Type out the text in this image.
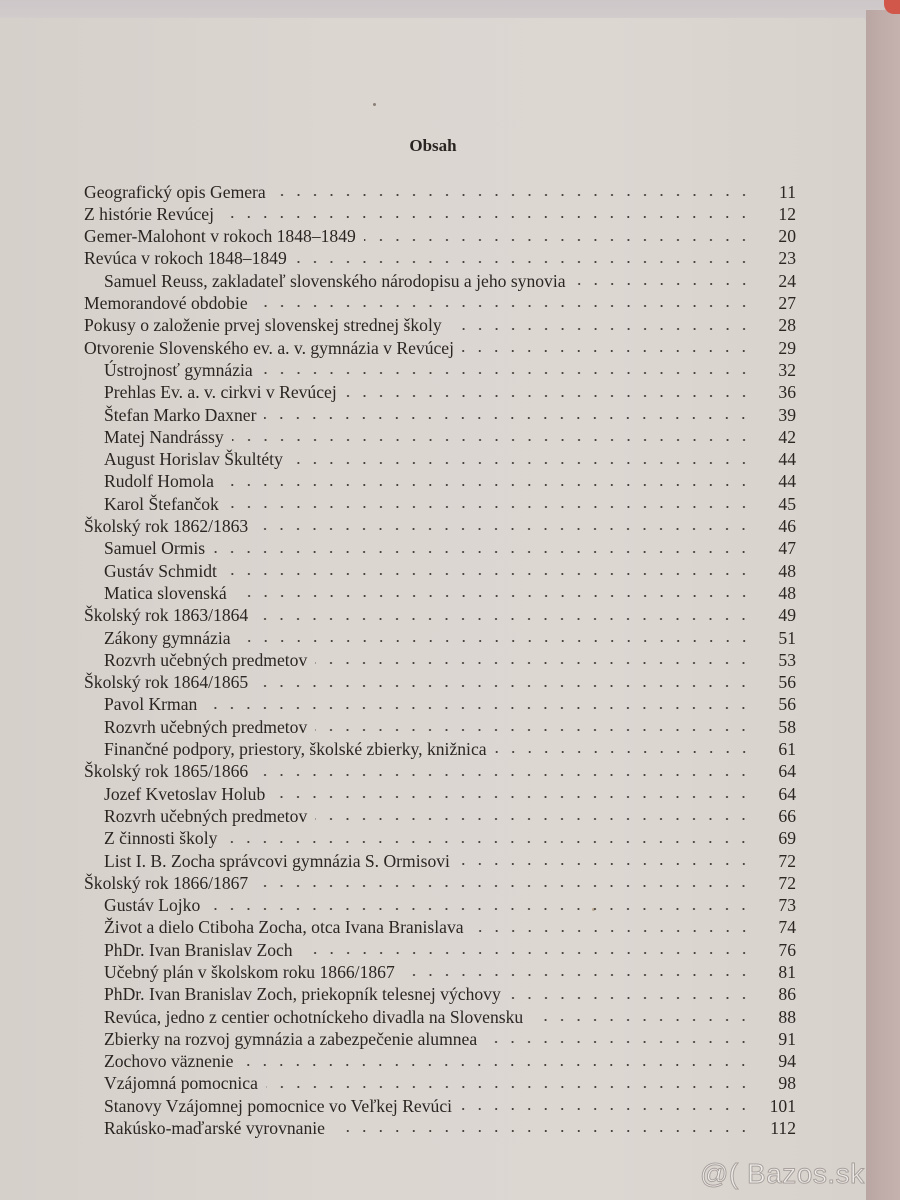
Obsah
Geografický opis Gemera	11
Z histórie Revúcej	12
Gemer-Malohont v rokoch 1848–1849	20
Revúca v rokoch 1848–1849	23
Samuel Reuss, zakladateľ slovenského národopisu a jeho synovia	24
Memorandové obdobie	27
Pokusy o založenie prvej slovenskej strednej školy	28
Otvorenie Slovenského ev. a. v. gymnázia v Revúcej	29
Ústrojnosť gymnázia	32
Prehlas Ev. a. v. cirkvi v Revúcej	36
Štefan Marko Daxner	39
Matej Nandrássy	42
August Horislav Škultéty	44
Rudolf Homola	44
Karol Štefančok	45
Školský rok 1862/1863	46
Samuel Ormis	47
Gustáv Schmidt	48
Matica slovenská	48
Školský rok 1863/1864	49
Zákony gymnázia	51
Rozvrh učebných predmetov	53
Školský rok 1864/1865	56
Pavol Krman	56
Rozvrh učebných predmetov	58
Finančné podpory, priestory, školské zbierky, knižnica	61
Školský rok 1865/1866	64
Jozef Kvetoslav Holub	64
Rozvrh učebných predmetov	66
Z činnosti školy	69
List I. B. Zocha správcovi gymnázia S. Ormisovi	72
Školský rok 1866/1867	72
Gustáv Lojko	73
Život a dielo Ctiboha Zocha, otca Ivana Branislava	74
PhDr. Ivan Branislav Zoch	76
Učebný plán v školskom roku 1866/1867	81
PhDr. Ivan Branislav Zoch, priekopník telesnej výchovy	86
Revúca, jedno z centier ochotníckeho divadla na Slovensku	88
Zbierky na rozvoj gymnázia a zabezpečenie alumnea	91
Zochovo väznenie	94
Vzájomná pomocnica	98
Stanovy Vzájomnej pomocnice vo Veľkej Revúci	101
Rakúsko-maďarské vyrovnanie	112
@( Bazos.sk
